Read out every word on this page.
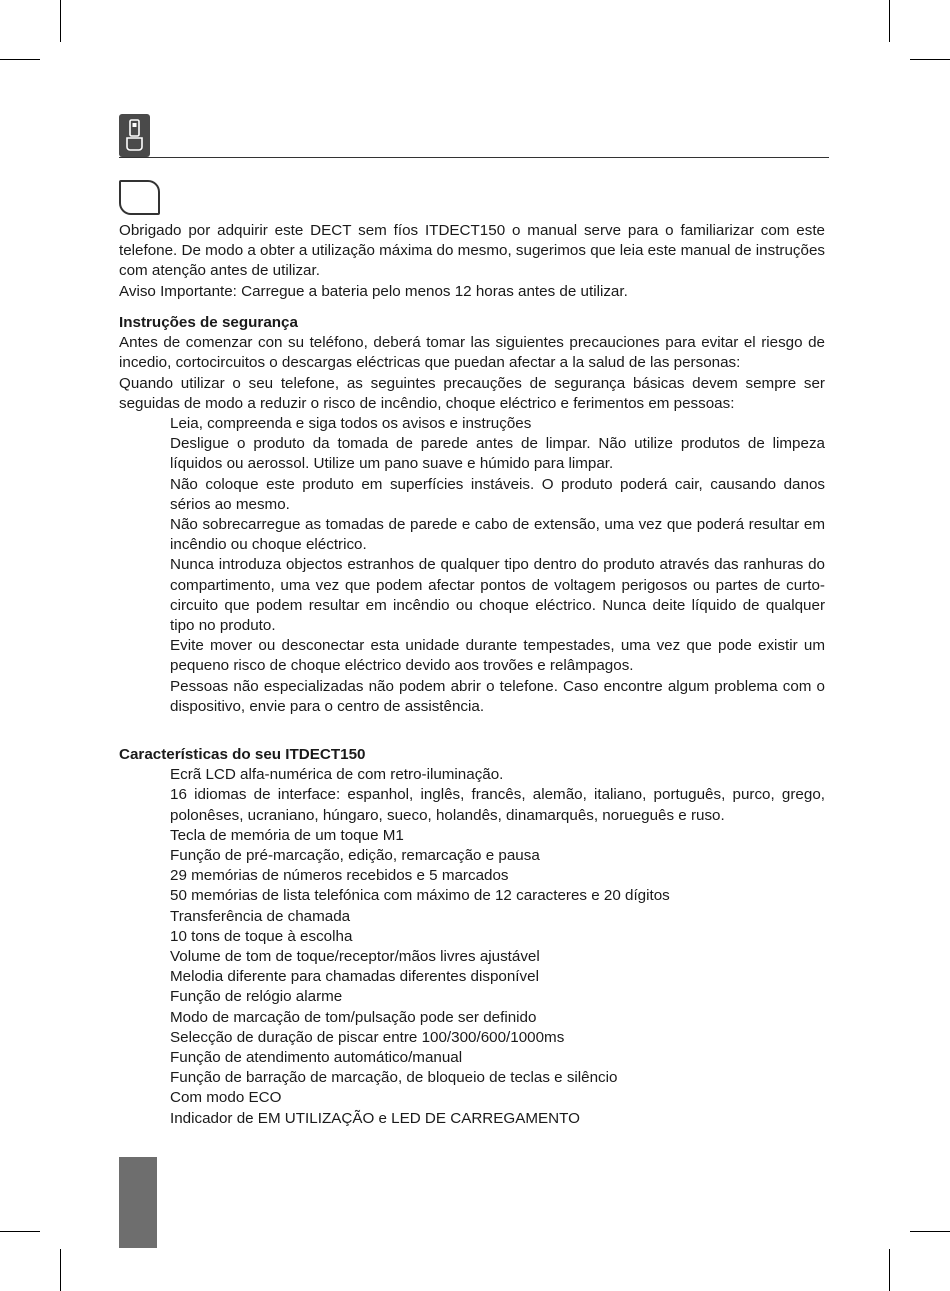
Obrigado por adquirir este DECT sem fíos ITDECT150 o manual serve para o familiarizar com este telefone. De modo a obter a utilização máxima do mesmo, sugerimos que leia este manual de instruções com atenção antes de utilizar.

Aviso Importante: Carregue a bateria pelo menos 12 horas antes de utilizar.

Instruções de segurança

Antes de comenzar con su teléfono, deberá tomar las siguientes precauciones para evitar el riesgo de incedio, cortocircuitos o descargas eléctricas que puedan afectar a la salud de las personas:

Quando utilizar o seu telefone, as seguintes precauções de segurança básicas devem sempre ser seguidas de modo a reduzir o risco de incêndio, choque eléctrico e ferimentos em pessoas:

Leia, compreenda e siga todos os avisos e instruções

Desligue o produto da tomada de parede antes de limpar. Não utilize produtos de limpeza líquidos ou aerossol. Utilize um pano suave e húmido para limpar.

Não coloque este produto em superfícies instáveis. O produto poderá cair, causando danos sérios ao mesmo.

Não sobrecarregue as tomadas de parede e cabo de extensão, uma vez que poderá resultar em incêndio ou choque eléctrico.

Nunca introduza objectos estranhos de qualquer tipo dentro do produto através das ranhuras do compartimento, uma vez que podem afectar pontos de voltagem perigosos ou partes de curto-circuito que podem resultar em incêndio ou choque eléctrico. Nunca deite líquido de qualquer tipo no produto.

Evite mover ou desconectar esta unidade durante tempestades, uma vez que pode existir um pequeno risco de choque eléctrico devido aos trovões e relâmpagos.

Pessoas não especializadas não podem abrir o telefone. Caso encontre algum problema com o dispositivo, envie para o centro de assistência.

Características do seu ITDECT150

Ecrã LCD alfa-numérica de com retro-iluminação.

16 idiomas de interface: espanhol, inglês, francês, alemão, italiano, português, purco, grego, polonêses, ucraniano, húngaro, sueco, holandês, dinamarquês, norueguês e ruso.

Tecla de memória de um toque M1

Função de pré-marcação, edição, remarcação e pausa

29 memórias de números recebidos e 5 marcados

50 memórias de lista telefónica com máximo de 12 caracteres e 20 dígitos

Transferência de chamada

10 tons de toque à escolha

Volume de tom de toque/receptor/mãos livres ajustável

Melodia diferente para chamadas diferentes disponível

Função de relógio alarme

Modo de marcação de tom/pulsação pode ser definido

Selecção de duração de piscar entre 100/300/600/1000ms

Função de atendimento automático/manual

Função de barração de marcação, de bloqueio de teclas e silêncio

Com modo ECO

Indicador de EM UTILIZAÇÃO e LED DE CARREGAMENTO
